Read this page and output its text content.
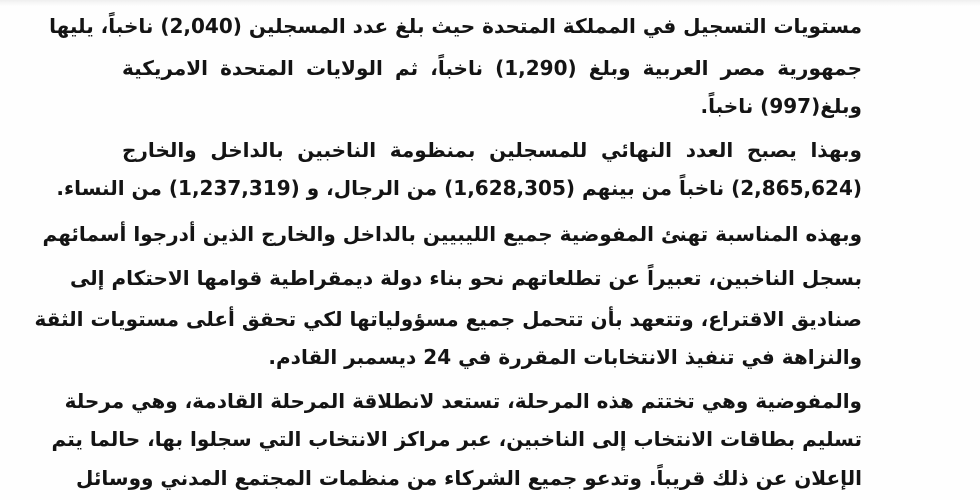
مستويات التسجيل في المملكة المتحدة حيث بلغ عدد المسجلين (2,040) ناخباً، يليها
جمهورية مصر العربية وبلغ (1,290) ناخباً، ثم الولايات المتحدة الامريكية
وبلغ(997) ناخباً.
وبهذا يصبح العدد النهائي للمسجلين بمنظومة الناخبين بالداخل والخارج
(2,865,624) ناخباً من بينهم (1,628,305) من الرجال، و (1,237,319) من النساء.
وبهذه المناسبة تهنئ المفوضية جميع الليبيين بالداخل والخارج الذين أدرجوا أسمائهم
بسجل الناخبين، تعبيراً عن تطلعاتهم نحو بناء دولة ديمقراطية قوامها الاحتكام إلى
صناديق الاقتراع، وتتعهد بأن تتحمل جميع مسؤولياتها لكي تحقق أعلى مستويات الثقة
والنزاهة في تنفيذ الانتخابات المقررة في 24 ديسمبر القادم.
والمفوضية وهي تختتم هذه المرحلة، تستعد لانطلاقة المرحلة القادمة، وهي مرحلة
تسليم بطاقات الانتخاب إلى الناخبين، عبر مراكز الانتخاب التي سجلوا بها، حالما يتم
الإعلان عن ذلك قريباً. وتدعو جميع الشركاء من منظمات المجتمع المدني ووسائل
